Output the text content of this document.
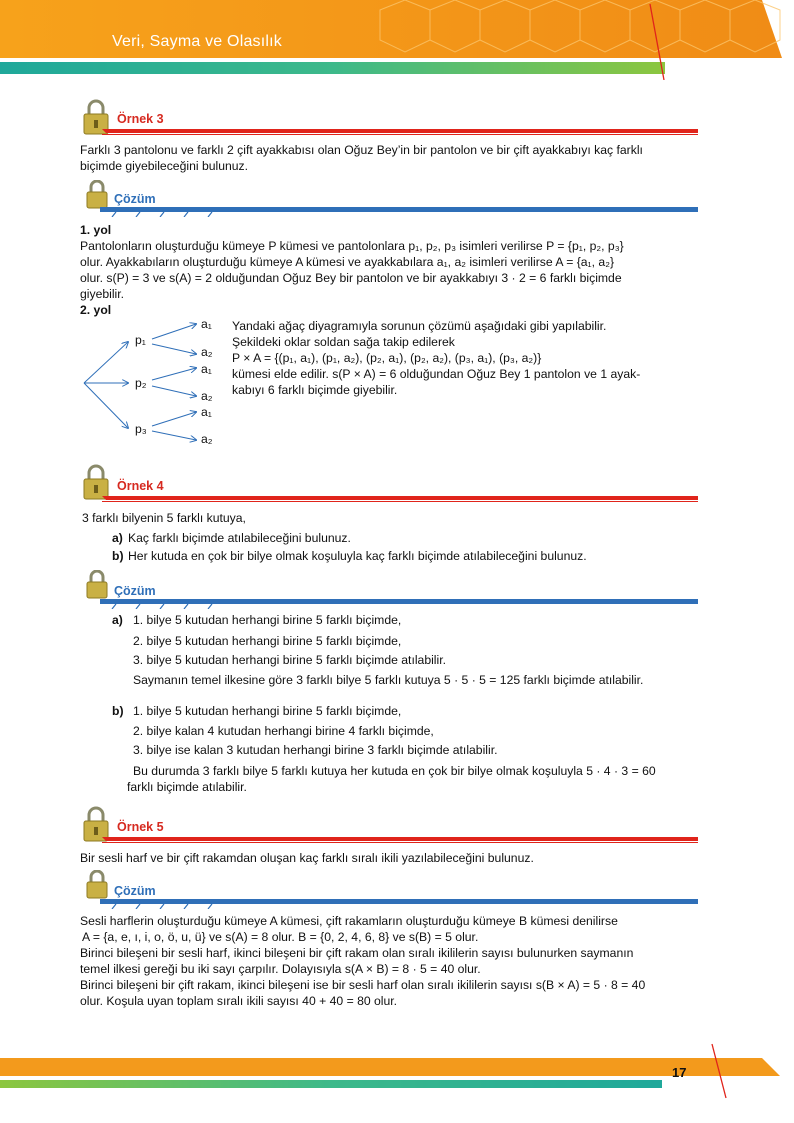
Veri, Sayma ve Olasılık
Örnek 3
Farklı 3 pantolonu ve farklı 2 çift ayakkabısı olan Oğuz Bey’in bir pantolon ve bir çift ayakkabıyı kaç farklı
biçimde giyebileceğini bulunuz.
Çözüm
1. yol
Pantolonların oluşturduğu kümeye P kümesi ve pantolonlara p₁, p₂, p₃ isimleri verilirse P = {p₁, p₂, p₃}
olur. Ayakkabıların oluşturduğu kümeye A kümesi ve ayakkabılara a₁, a₂ isimleri verilirse A = {a₁, a₂}
olur. s(P) = 3 ve s(A) = 2 olduğundan Oğuz Bey bir pantolon ve bir ayakkabıyı 3 · 2 = 6 farklı biçimde
giyebilir.
2. yol
p₁
p₂
p₃
a₁
a₂
a₁
a₂
a₁
a₂
Yandaki ağaç diyagramıyla sorunun çözümü aşağıdaki gibi yapılabilir.
Şekildeki oklar soldan sağa takip edilerek
P × A = {(p₁, a₁), (p₁, a₂), (p₂, a₁), (p₂, a₂), (p₃, a₁), (p₃, a₂)}
kümesi elde edilir. s(P × A) = 6 olduğundan Oğuz Bey 1 pantolon ve 1 ayak-
kabıyı 6 farklı biçimde giyebilir.
Örnek 4
3 farklı bilyenin 5 farklı kutuya,
a) Kaç farklı biçimde atılabileceğini bulunuz.
b) Her kutuda en çok bir bilye olmak koşuluyla kaç farklı biçimde atılabileceğini bulunuz.
Çözüm
a) 1. bilye 5 kutudan herhangi birine 5 farklı biçimde,
2. bilye 5 kutudan herhangi birine 5 farklı biçimde,
3. bilye 5 kutudan herhangi birine 5 farklı biçimde atılabilir.
Saymanın temel ilkesine göre 3 farklı bilye 5 farklı kutuya 5 · 5 · 5 = 125 farklı biçimde atılabilir.
b) 1. bilye 5 kutudan herhangi birine 5 farklı biçimde,
2. bilye kalan 4 kutudan herhangi birine 4 farklı biçimde,
3. bilye ise kalan 3 kutudan herhangi birine 3 farklı biçimde atılabilir.
Bu durumda 3 farklı bilye 5 farklı kutuya her kutuda en çok bir bilye olmak koşuluyla 5 · 4 · 3 = 60
farklı biçimde atılabilir.
Örnek 5
Bir sesli harf ve bir çift rakamdan oluşan kaç farklı sıralı ikili yazılabileceğini bulunuz.
Çözüm
Sesli harflerin oluşturduğu kümeye A kümesi, çift rakamların oluşturduğu kümeye B kümesi denilirse
A = {a, e, ı, i, o, ö, u, ü} ve s(A) = 8 olur. B = {0, 2, 4, 6, 8} ve s(B) = 5 olur.
Birinci bileşeni bir sesli harf, ikinci bileşeni bir çift rakam olan sıralı ikililerin sayısı bulunurken saymanın
temel ilkesi gereği bu iki sayı çarpılır. Dolayısıyla s(A × B) = 8 · 5 = 40 olur.
Birinci bileşeni bir çift rakam, ikinci bileşeni ise bir sesli harf olan sıralı ikililerin sayısı s(B × A) = 5 · 8 = 40
olur. Koşula uyan toplam sıralı ikili sayısı 40 + 40 = 80 olur.
17
